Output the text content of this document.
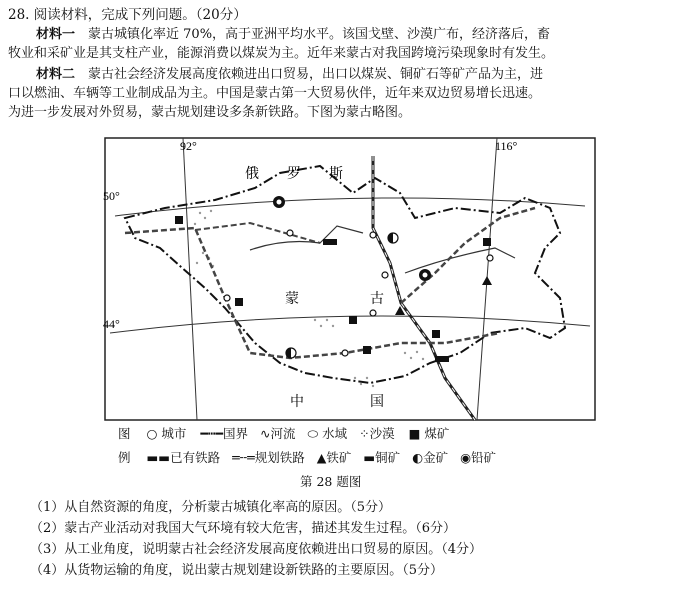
28. 阅读材料，完成下列问题。（20分）
材料一　 蒙古城镇化率近 70%，高于亚洲平均水平。该国戈壁、沙漠广布，经济落后，畜
牧业和采矿业是其支柱产业，能源消费以煤炭为主。近年来蒙古对我国跨境污染现象时有发生。
材料二　 蒙古社会经济发展高度依赖进出口贸易，出口以煤炭、铜矿石等矿产品为主，进
口以燃油、车辆等工业制成品为主。中国是蒙古第一大贸易伙伴，近年来双边贸易增长迅速。
为进一步发展对外贸易，蒙古规划建设多条新铁路。下图为蒙古略图。
92°	116°
50°
44°
俄　　罗　　斯
蒙	古
中	国
图 ○ 城市 ━┅━国界 ∿河流 ⬭ 水域 ⁘沙漠 ■ 煤矿
例 ▬▬已有铁路 ═╌═规划铁路 ▲铁矿 ▬铜矿 ◐金矿 ◉铅矿
第 28 题图
（1）从自然资源的角度，分析蒙古城镇化率高的原因。（5分）
（2）蒙古产业活动对我国大气环境有较大危害，描述其发生过程。（6分）
（3）从工业角度，说明蒙古社会经济发展高度依赖进出口贸易的原因。（4分）
（4）从货物运输的角度，说出蒙古规划建设新铁路的主要原因。（5分）
